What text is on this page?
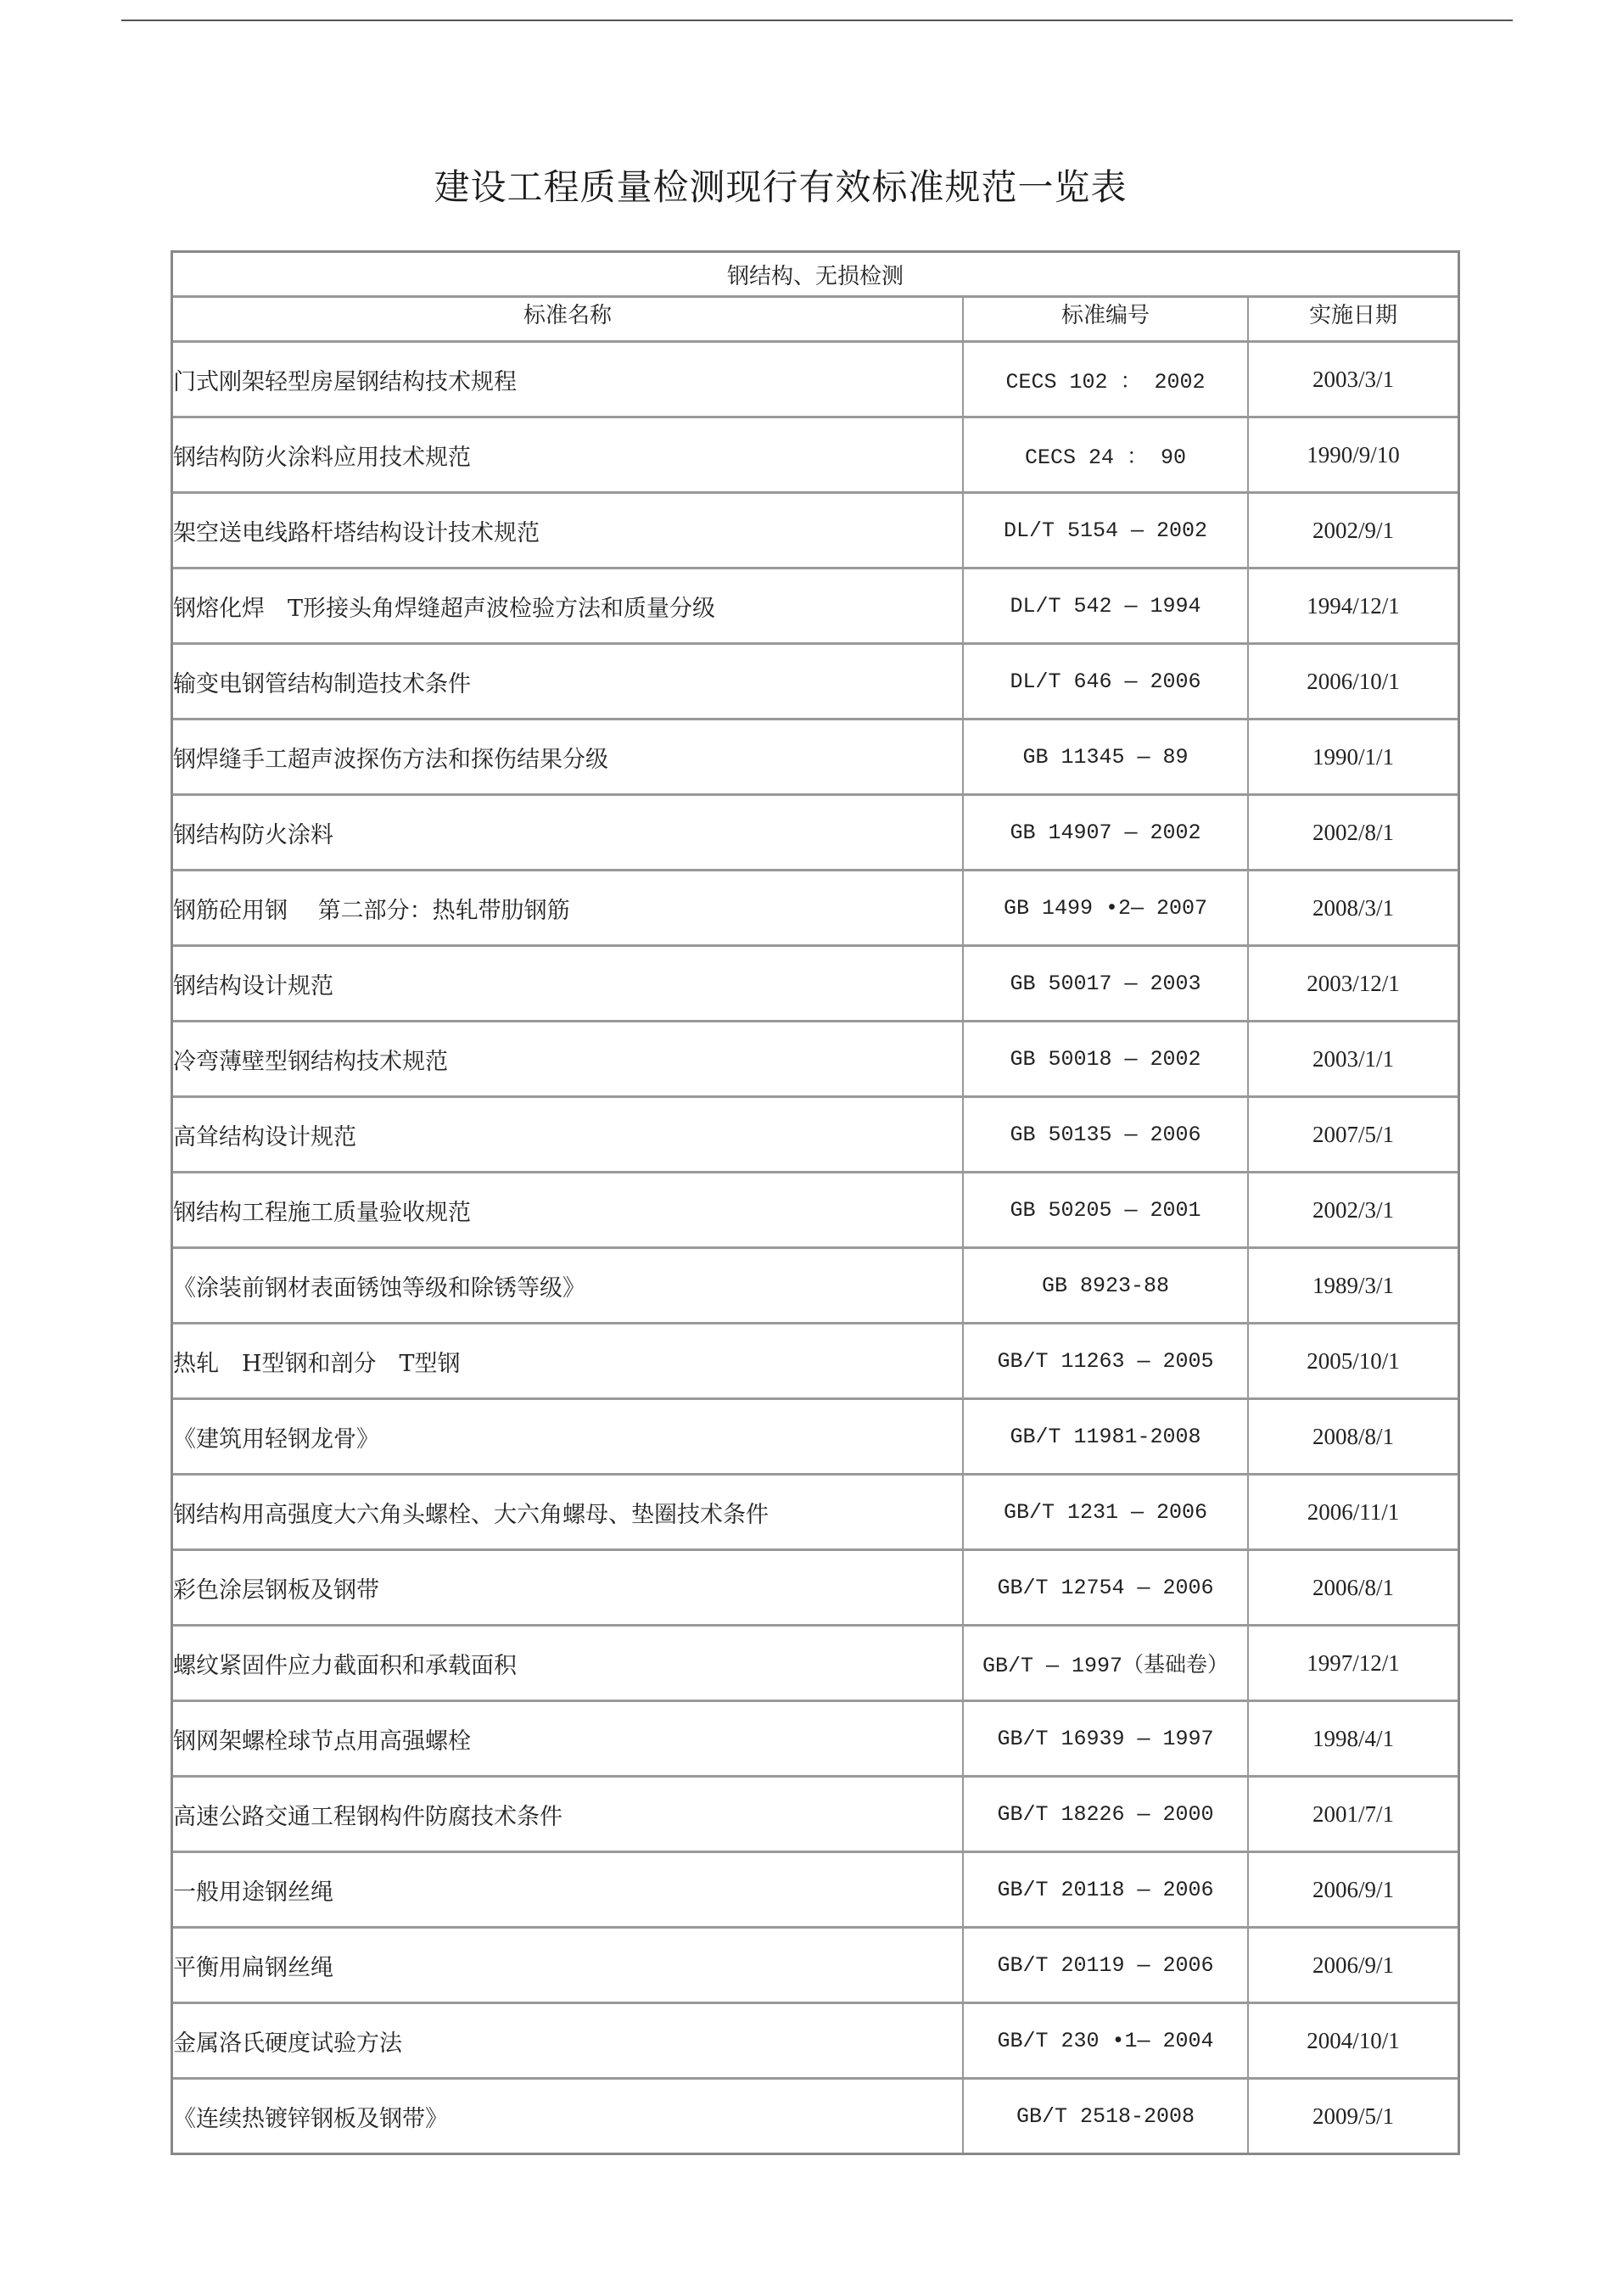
建设工程质量检测现行有效标准规范一览表
钢结构、无损检测		
标准名称	标准编号	实施日期
门式刚架轻型房屋钢结构技术规程	CECS 102 ： 2002	2003/3/1
钢结构防火涂料应用技术规范	CECS 24 ： 90	1990/9/10
架空送电线路杆塔结构设计技术规范	DL/T 5154 — 2002	2002/9/1
钢熔化焊　T形接头角焊缝超声波检验方法和质量分级	DL/T 542 — 1994	1994/12/1
输变电钢管结构制造技术条件	DL/T 646 — 2006	2006/10/1
钢焊缝手工超声波探伤方法和探伤结果分级	GB 11345 — 89	1990/1/1
钢结构防火涂料	GB 14907 — 2002	2002/8/1
钢筋砼用钢　 第二部分：热轧带肋钢筋	GB 1499 •2— 2007	2008/3/1
钢结构设计规范	GB 50017 — 2003	2003/12/1
冷弯薄壁型钢结构技术规范	GB 50018 — 2002	2003/1/1
高耸结构设计规范	GB 50135 — 2006	2007/5/1
钢结构工程施工质量验收规范	GB 50205 — 2001	2002/3/1
《涂装前钢材表面锈蚀等级和除锈等级》	GB 8923-88	1989/3/1
热轧　H型钢和剖分　T型钢	GB/T 11263 — 2005	2005/10/1
《建筑用轻钢龙骨》	GB/T 11981-2008	2008/8/1
钢结构用高强度大六角头螺栓、大六角螺母、垫圈技术条件	GB/T 1231 — 2006	2006/11/1
彩色涂层钢板及钢带	GB/T 12754 — 2006	2006/8/1
螺纹紧固件应力截面积和承载面积	GB/T — 1997（基础卷）	1997/12/1
钢网架螺栓球节点用高强螺栓	GB/T 16939 — 1997	1998/4/1
高速公路交通工程钢构件防腐技术条件	GB/T 18226 — 2000	2001/7/1
一般用途钢丝绳	GB/T 20118 — 2006	2006/9/1
平衡用扁钢丝绳	GB/T 20119 — 2006	2006/9/1
金属洛氏硬度试验方法	GB/T 230 •1— 2004	2004/10/1
《连续热镀锌钢板及钢带》	GB/T 2518-2008	2009/5/1
